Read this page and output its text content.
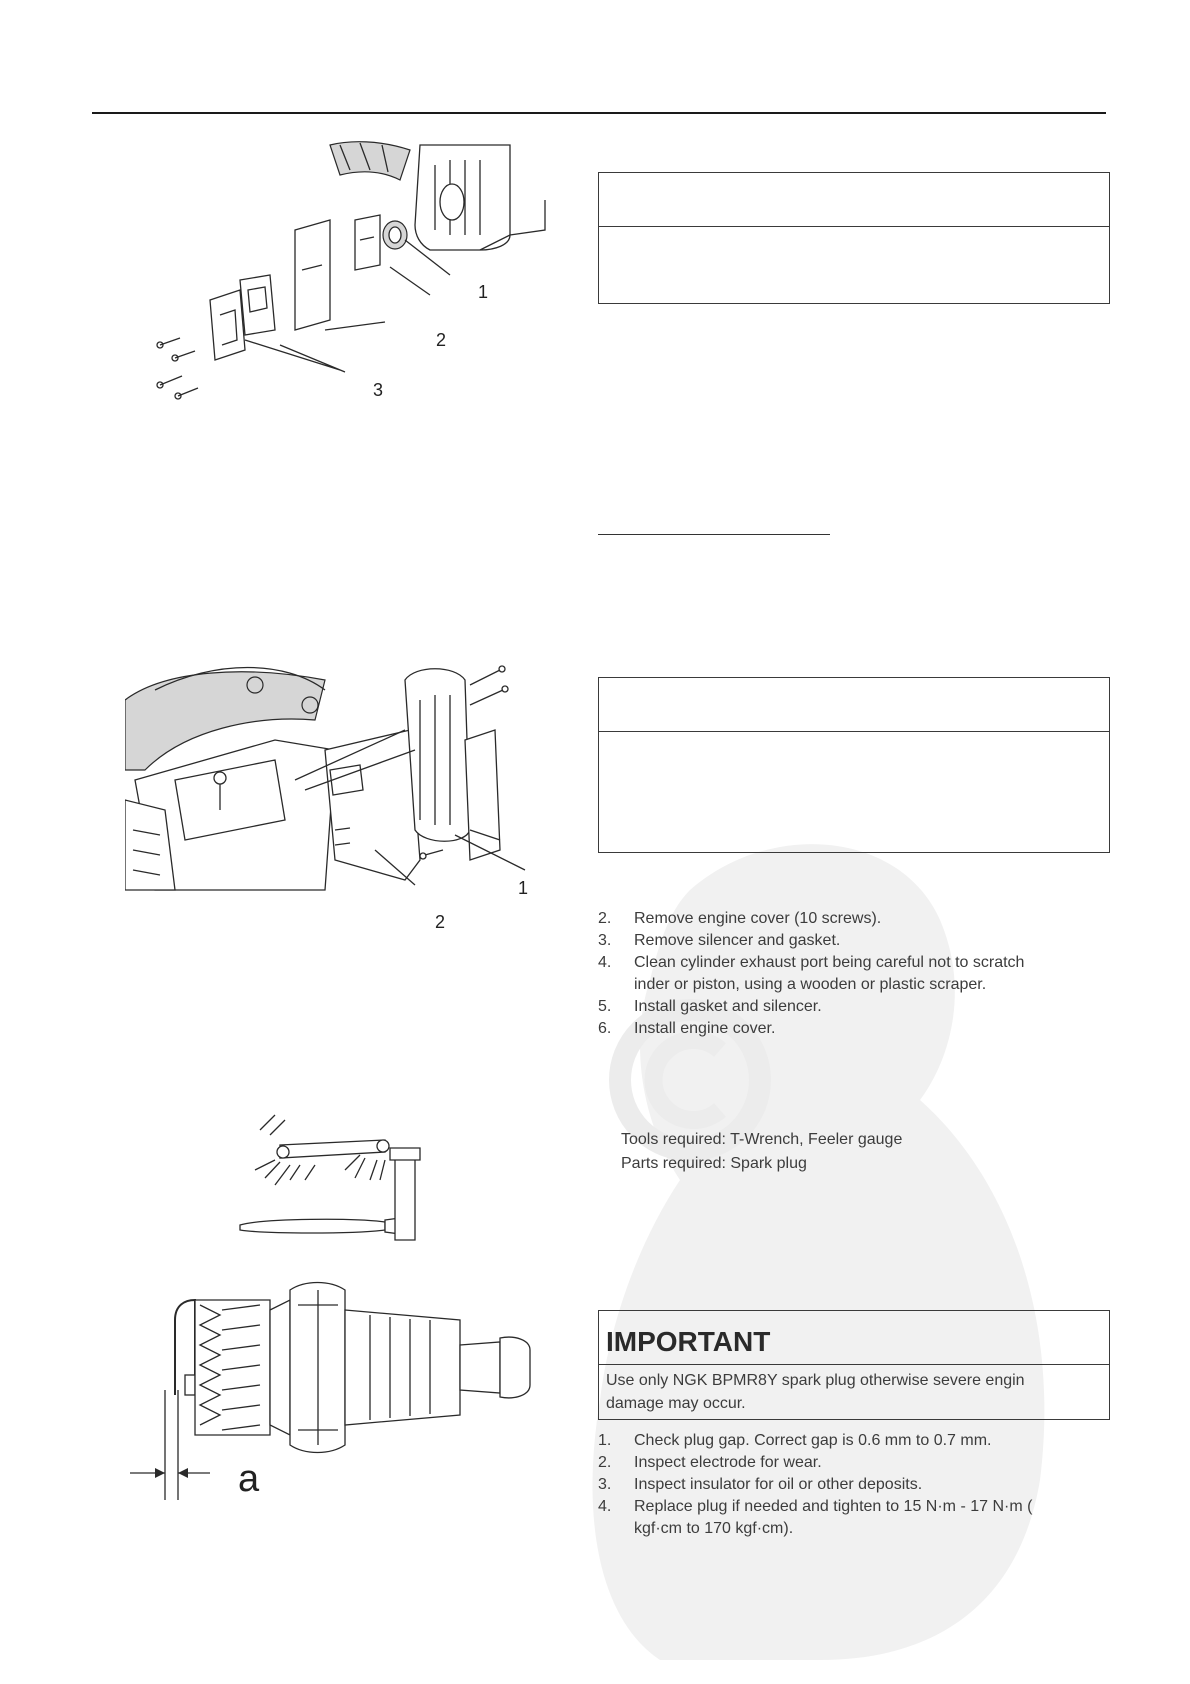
2. Remove engine cover (10 screws).
3. Remove silencer and gasket.
4. Clean cylinder exhaust port being careful not to scratch
inder or piston, using a wooden or plastic scraper.
5. Install gasket and silencer.
6. Install engine cover.
Tools required: T-Wrench, Feeler gauge
Parts required: Spark plug
IMPORTANT
Use only NGK BPMR8Y spark plug otherwise severe engin
damage may occur.
1. Check plug gap. Correct gap is 0.6 mm to 0.7 mm.
2. Inspect electrode for wear.
3. Inspect insulator for oil or other deposits.
4. Replace plug if needed and tighten to 15 N·m - 17 N·m (
kgf·cm to 170 kgf·cm).
1
2
3
1
2
a
